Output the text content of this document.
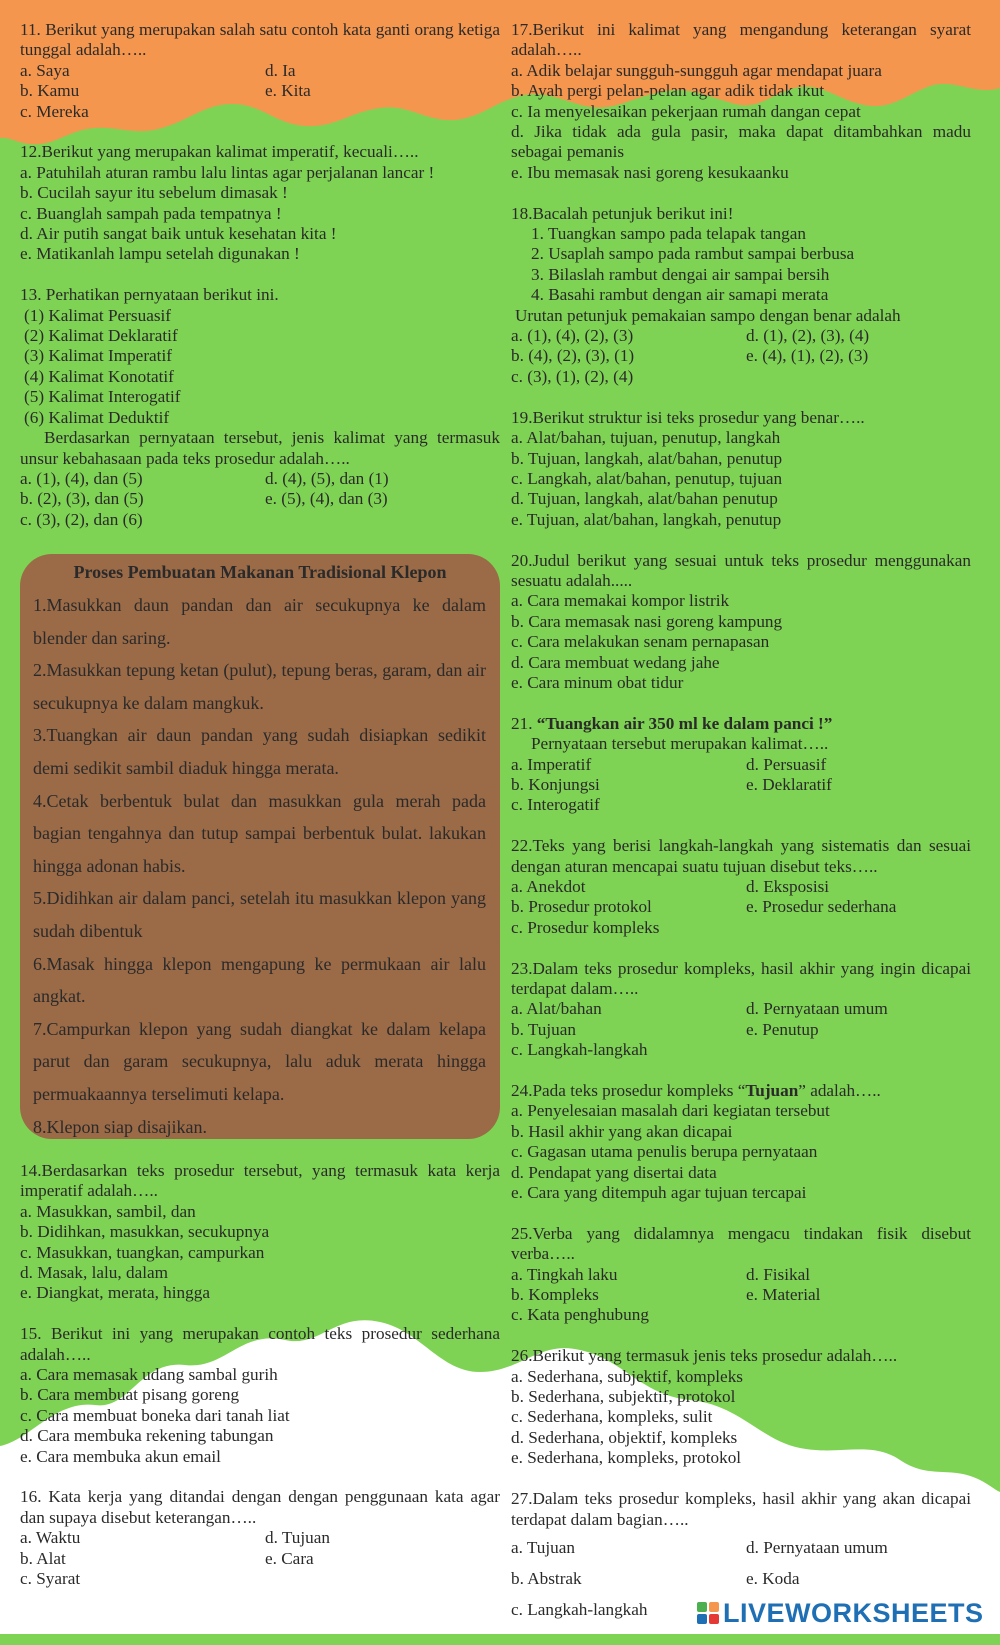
11. Berikut yang merupakan salah satu contoh kata ganti orang ketiga tunggal adalah…..
a. Saya	d. Ia
b. Kamu	e. Kita
c. Mereka
12.Berikut yang merupakan kalimat imperatif, kecuali…..
a. Patuhilah aturan rambu lalu lintas agar perjalanan lancar !
b. Cucilah sayur itu sebelum dimasak !
c. Buanglah sampah pada tempatnya !
d. Air putih sangat baik untuk kesehatan kita !
e. Matikanlah lampu setelah digunakan !
13. Perhatikan pernyataan berikut ini.
(1) Kalimat Persuasif
(2) Kalimat Deklaratif
(3) Kalimat Imperatif
(4) Kalimat Konotatif
(5) Kalimat Interogatif
(6) Kalimat Deduktif
Berdasarkan pernyataan tersebut, jenis kalimat yang termasuk unsur kebahasaan pada teks prosedur adalah…..
a. (1), (4), dan (5)	d. (4), (5), dan (1)
b. (2), (3), dan (5)	e. (5), (4), dan (3)
c. (3), (2), dan (6)
Proses Pembuatan Makanan Tradisional Klepon

1.Masukkan daun pandan dan air secukupnya ke dalam blender dan saring.

2.Masukkan tepung ketan (pulut), tepung beras, garam, dan air secukupnya ke dalam mangkuk.

3.Tuangkan air daun pandan yang sudah disiapkan sedikit demi sedikit sambil diaduk hingga merata.

4.Cetak berbentuk bulat dan masukkan gula merah pada bagian tengahnya dan tutup sampai berbentuk bulat. lakukan hingga adonan habis.

5.Didihkan air dalam panci, setelah itu masukkan klepon yang sudah dibentuk

6.Masak hingga klepon mengapung ke permukaan air lalu angkat.

7.Campurkan klepon yang sudah diangkat ke dalam kelapa parut dan garam secukupnya, lalu aduk merata hingga permuakaannya terselimuti kelapa.

8.Klepon siap disajikan.

14.Berdasarkan teks prosedur tersebut, yang termasuk kata kerja imperatif adalah…..
a. Masukkan, sambil, dan
b. Didihkan, masukkan, secukupnya
c. Masukkan, tuangkan, campurkan
d. Masak, lalu, dalam
e. Diangkat, merata, hingga
15. Berikut ini yang merupakan contoh teks prosedur sederhana adalah…..
a. Cara memasak udang sambal gurih
b. Cara membuat pisang goreng
c. Cara membuat boneka dari tanah liat
d. Cara membuka rekening tabungan
e. Cara membuka akun email
16. Kata kerja yang ditandai dengan dengan penggunaan kata agar dan supaya disebut keterangan…..
a. Waktu	d. Tujuan
b. Alat	e. Cara
c. Syarat
17.Berikut ini kalimat yang mengandung keterangan syarat adalah…..
a. Adik belajar sungguh-sungguh agar mendapat juara
b. Ayah pergi pelan-pelan agar adik tidak ikut
c. Ia menyelesaikan pekerjaan rumah dangan cepat
d. Jika tidak ada gula pasir, maka dapat ditambahkan madu sebagai pemanis
e. Ibu memasak nasi goreng kesukaanku
18.Bacalah petunjuk berikut ini!
1. Tuangkan sampo pada telapak tangan
2. Usaplah sampo pada rambut sampai berbusa
3. Bilaslah rambut dengai air sampai bersih
4. Basahi rambut dengan air samapi merata
Urutan petunjuk pemakaian sampo dengan benar adalah
a. (1), (4), (2), (3)	d. (1), (2), (3), (4)
b. (4), (2), (3), (1)	e. (4), (1), (2), (3)
c. (3), (1), (2), (4)
19.Berikut struktur isi teks prosedur yang benar…..
a. Alat/bahan, tujuan, penutup, langkah
b. Tujuan, langkah, alat/bahan, penutup
c. Langkah, alat/bahan, penutup, tujuan
d. Tujuan, langkah, alat/bahan penutup
e. Tujuan, alat/bahan, langkah, penutup
20.Judul berikut yang sesuai untuk teks prosedur menggunakan sesuatu adalah.....
a. Cara memakai kompor listrik
b. Cara memasak nasi goreng kampung
c. Cara melakukan senam pernapasan
d. Cara membuat wedang jahe
e. Cara minum obat tidur
21. “Tuangkan air 350 ml ke dalam panci !”
Pernyataan tersebut merupakan kalimat…..
a. Imperatif	d. Persuasif
b. Konjungsi	e. Deklaratif
c. Interogatif
22.Teks yang berisi langkah-langkah yang sistematis dan sesuai dengan aturan mencapai suatu tujuan disebut teks…..
a. Anekdot	d. Eksposisi
b. Prosedur protokol	e. Prosedur sederhana
c. Prosedur kompleks
23.Dalam teks prosedur kompleks, hasil akhir yang ingin dicapai terdapat dalam…..
a. Alat/bahan	d. Pernyataan umum
b. Tujuan	e. Penutup
c. Langkah-langkah
24.Pada teks prosedur kompleks “Tujuan” adalah…..
a. Penyelesaian masalah dari kegiatan tersebut
b. Hasil akhir yang akan dicapai
c. Gagasan utama penulis berupa pernyataan
d. Pendapat yang disertai data
e. Cara yang ditempuh agar tujuan tercapai
25.Verba yang didalamnya mengacu tindakan fisik disebut verba…..
a. Tingkah laku	d. Fisikal
b. Kompleks	e. Material
c. Kata penghubung
26.Berikut yang termasuk jenis teks prosedur adalah…..
a. Sederhana, subjektif, kompleks
b. Sederhana, subjektif, protokol
c. Sederhana, kompleks, sulit
d. Sederhana, objektif, kompleks
e. Sederhana, kompleks, protokol
27.Dalam teks prosedur kompleks, hasil akhir yang akan dicapai terdapat dalam bagian…..
a. Tujuan	d. Pernyataan umum
b. Abstrak	e. Koda
c. Langkah-langkah	LIVEWORKSHEETS
